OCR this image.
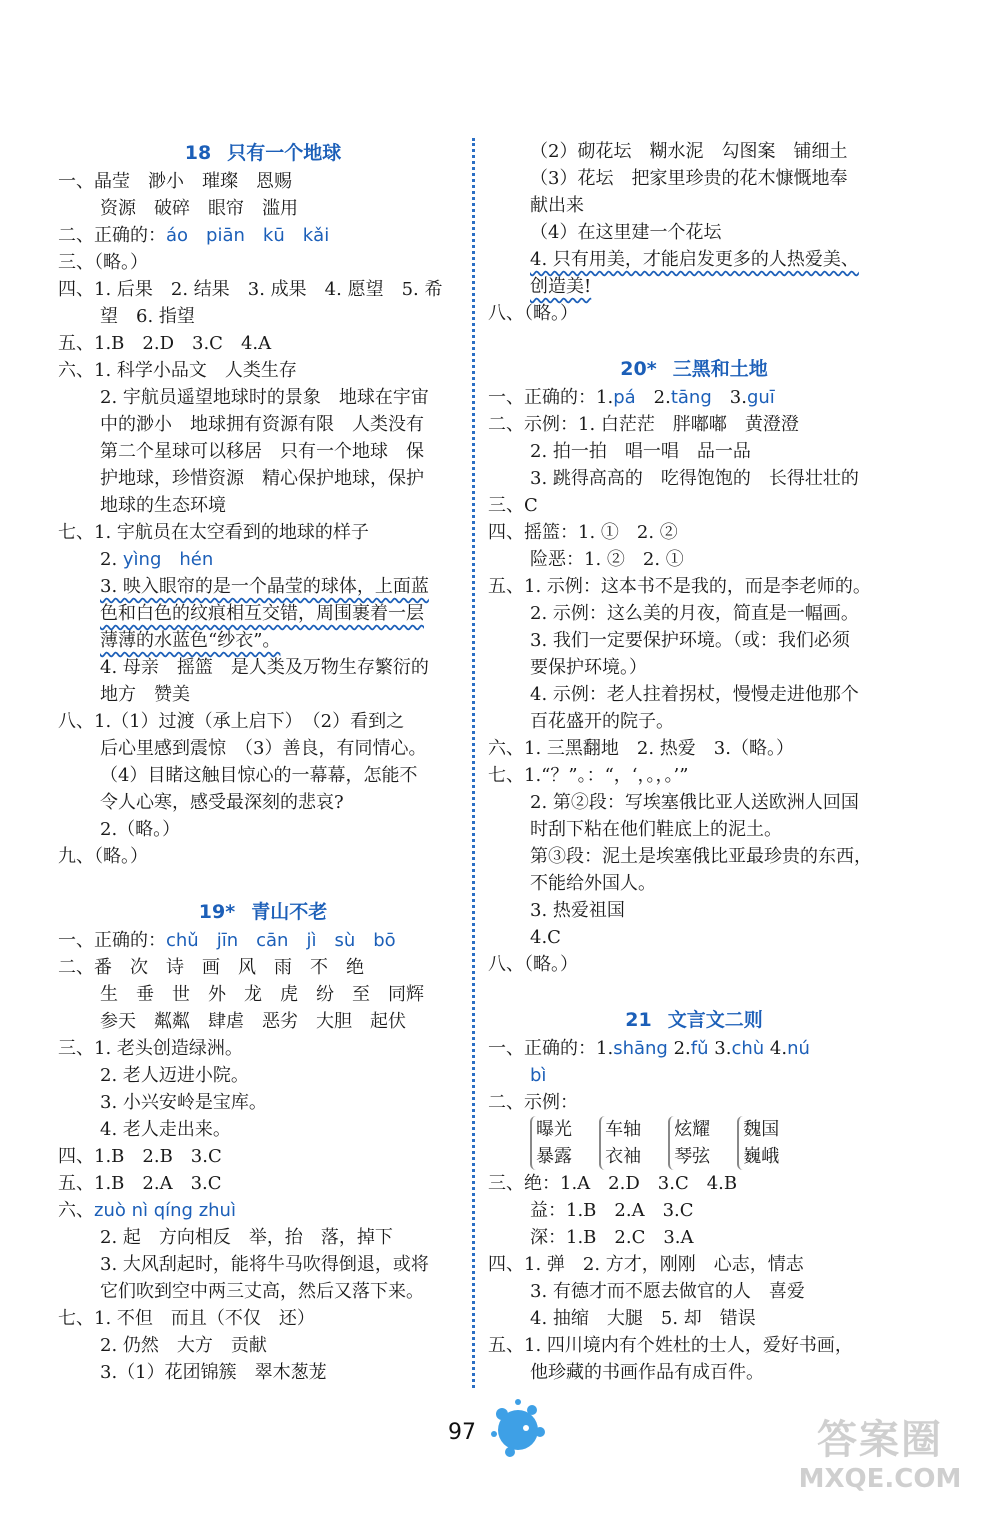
18 只有一个地球
一、晶莹　渺小　璀璨　恩赐
资源　破碎　眼帘　滥用
二、正确的：áo　piān　kū　kǎi
三、（略。）
四、1. 后果　2. 结果　3. 成果　4. 愿望　5. 希
望　6. 指望
五、1.B　2.D　3.C　4.A
六、1. 科学小品文　人类生存
2. 宇航员遥望地球时的景象　地球在宇宙
中的渺小　地球拥有资源有限　人类没有
第二个星球可以移居　只有一个地球　保
护地球，珍惜资源　精心保护地球，保护
地球的生态环境
七、1. 宇航员在太空看到的地球的样子
2. yìng　hén
3. 映入眼帘的是一个晶莹的球体，上面蓝
色和白色的纹痕相互交错，周围裹着一层
薄薄的水蓝色“纱衣”。
4. 母亲　摇篮　是人类及万物生存繁衍的
地方　赞美
八、1.（1）过渡（承上启下）　（2）看到之
后心里感到震惊　（3）善良，有同情心。
（4）目睹这触目惊心的一幕幕，怎能不
令人心寒，感受最深刻的悲哀?
2.（略。）
九、（略。）
19* 青山不老
一、正确的：chǔ　jīn　cān　jì　sù　bō
二、番　次　诗　画　风　雨　不　绝
生　垂　世　外　龙　虎　纷　至　同辉
参天　粼粼　肆虐　恶劣　大胆　起伏
三、1. 老头创造绿洲。
2. 老人迈进小院。
3. 小兴安岭是宝库。
4. 老人走出来。
四、1.B　2.B　3.C
五、1.B　2.A　3.C
六、zuò nì qíng zhuì
2. 起　方向相反　举，抬　落，掉下
3. 大风刮起时，能将牛马吹得倒退，或将
它们吹到空中两三丈高，然后又落下来。
七、1. 不但　而且（不仅　还）
2. 仍然　大方　贡献
3.（1）花团锦簇　翠木葱茏
（2）砌花坛　糊水泥　勾图案　铺细土
（3）花坛　把家里珍贵的花木慷慨地奉
献出来
（4）在这里建一个花坛
4. 只有用美，才能启发更多的人热爱美、
创造美!
八、（略。）
20* 三黑和土地
一、正确的：1.pá　 2.tāng　 3.guī
二、示例：1. 白茫茫　胖嘟嘟　黄澄澄
2. 拍一拍　唱一唱　品一品
3. 跳得高高的　吃得饱饱的　长得壮壮的
三、C
四、摇篮：1. ①　2. ②
险恶：1. ②　2. ①
五、1. 示例：这本书不是我的，而是李老师的。
2. 示例：这么美的月夜，简直是一幅画。
3. 我们一定要保护环境。（或：我们必须
要保护环境。）
4. 示例：老人拄着拐杖，慢慢走进他那个
百花盛开的院子。
六、1. 三黑翻地　2. 热爱　3.（略。）
七、1.“？”。：“，‘，。，。’”
2. 第②段：写埃塞俄比亚人送欧洲人回国
时刮下粘在他们鞋底上的泥土。
第③段：泥土是埃塞俄比亚最珍贵的东西，
不能给外国人。
3. 热爱祖国
4.C
八、（略。）
21 文言文二则
一、正确的：1.shāng 2.fǔ 3.chù 4.nú
bì
二、示例：
曝光
暴露

车轴
衣袖

炫耀
琴弦

魏国
巍峨
三、绝：1.A　2.D　3.C　4.B
益：1.B　2.A　3.C
深：1.B　2.C　3.A
四、1. 弹　2. 方才，刚刚　心志，情志
3. 有德才而不愿去做官的人　喜爱
4. 抽缩　大腿　5. 却　错误
五、1. 四川境内有个姓杜的士人，爱好书画，
他珍藏的书画作品有成百件。
97	答案圈
MXQE.COM
